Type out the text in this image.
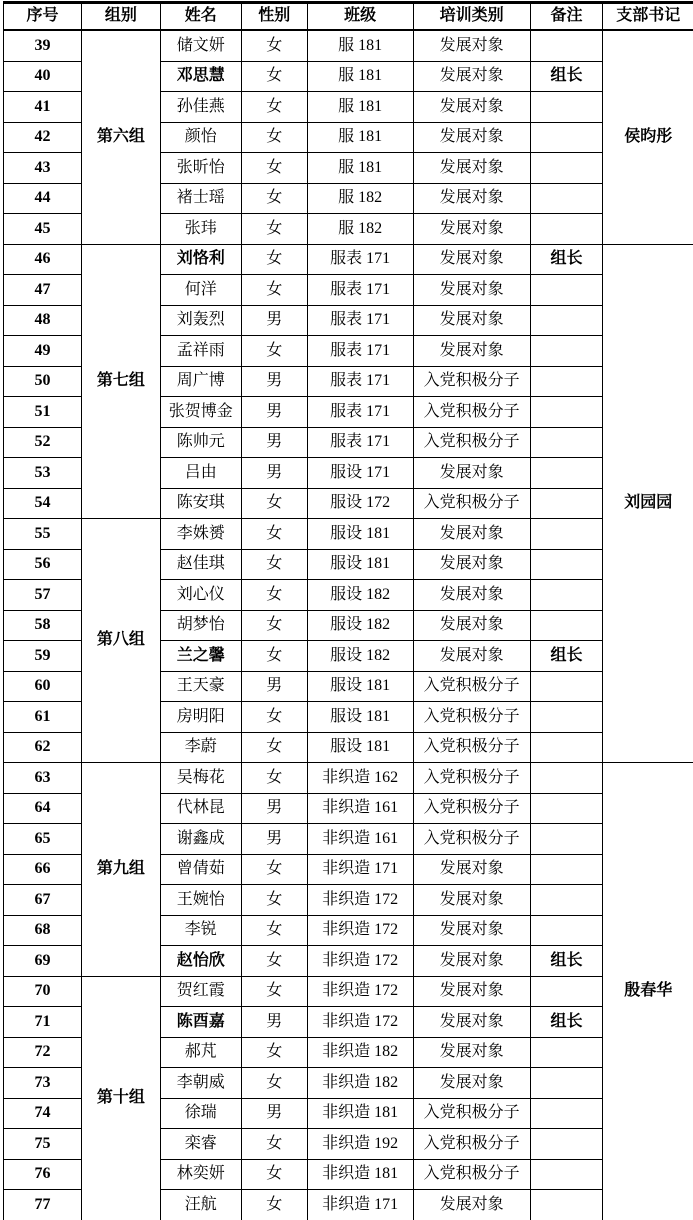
序号	组别	姓名	性别	班级	培训类别	备注	支部书记
39	第六组	储文妍	女	服 181	发展对象		侯昀彤
40		邓思慧	女	服 181	发展对象	组长	
41		孙佳燕	女	服 181	发展对象		
42		颜怡	女	服 181	发展对象		
43		张昕怡	女	服 181	发展对象		
44		褚士瑶	女	服 182	发展对象		
45		张玮	女	服 182	发展对象		
46	第七组	刘恪利	女	服表 171	发展对象	组长	刘园园
47		何洋	女	服表 171	发展对象		
48		刘轰烈	男	服表 171	发展对象		
49		孟祥雨	女	服表 171	发展对象		
50		周广博	男	服表 171	入党积极分子		
51		张贺博金	男	服表 171	入党积极分子		
52		陈帅元	男	服表 171	入党积极分子		
53		吕由	男	服设 171	发展对象		
54		陈安琪	女	服设 172	入党积极分子		
55	第八组	李姝赟	女	服设 181	发展对象		
56		赵佳琪	女	服设 181	发展对象		
57		刘心仪	女	服设 182	发展对象		
58		胡梦怡	女	服设 182	发展对象		
59		兰之馨	女	服设 182	发展对象	组长	
60		王天豪	男	服设 181	入党积极分子		
61		房明阳	女	服设 181	入党积极分子		
62		李蔚	女	服设 181	入党积极分子		
63	第九组	吴梅花	女	非织造 162	入党积极分子		殷春华
64		代林昆	男	非织造 161	入党积极分子		
65		谢鑫成	男	非织造 161	入党积极分子		
66		曾倩茹	女	非织造 171	发展对象		
67		王婉怡	女	非织造 172	发展对象		
68		李锐	女	非织造 172	发展对象		
69		赵怡欣	女	非织造 172	发展对象	组长	
70	第十组	贺红霞	女	非织造 172	发展对象		
71		陈酉嘉	男	非织造 172	发展对象	组长	
72		郝芃	女	非织造 182	发展对象		
73		李朝威	女	非织造 182	发展对象		
74		徐瑞	男	非织造 181	入党积极分子		
75		栾睿	女	非织造 192	入党积极分子		
76		林奕妍	女	非织造 181	入党积极分子		
77		汪航	女	非织造 171	发展对象		
